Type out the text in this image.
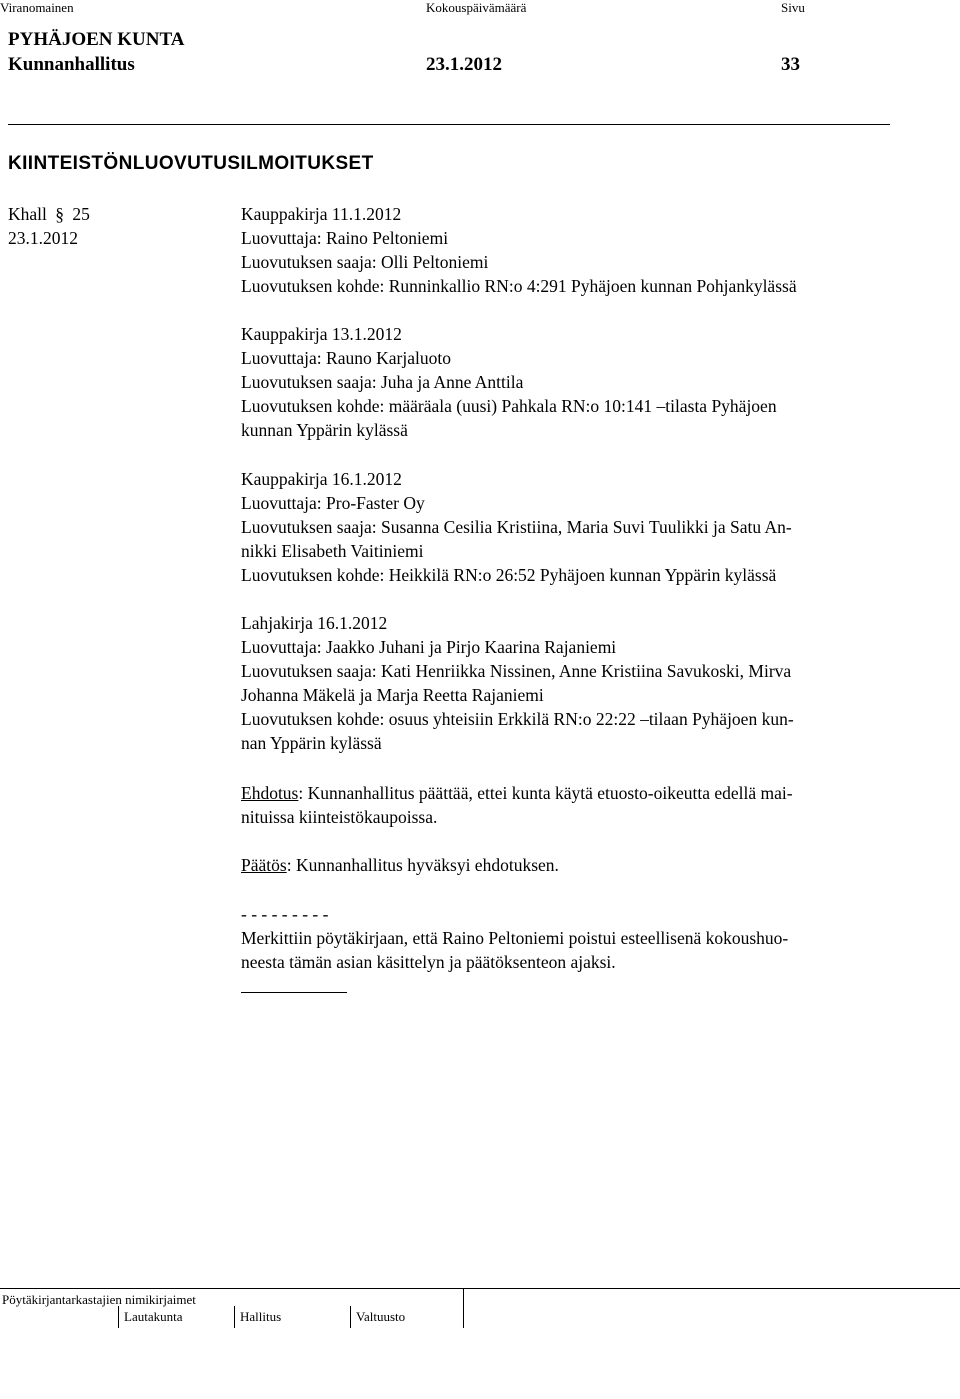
Viranomainen	Kokouspäivämäärä	Sivu
PYHÄJOEN KUNTA
Kunnanhallitus	23.1.2012	33
KIINTEISTÖNLUOVUTUSILMOITUKSET
Khall § 25
23.1.2012
Kauppakirja 11.1.2012
Luovuttaja: Raino Peltoniemi
Luovutuksen saaja: Olli Peltoniemi
Luovutuksen kohde: Runninkallio RN:o 4:291 Pyhäjoen kunnan Pohjankylässä
Kauppakirja 13.1.2012
Luovuttaja: Rauno Karjaluoto
Luovutuksen saaja: Juha ja Anne Anttila
Luovutuksen kohde: määräala (uusi) Pahkala RN:o 10:141 –tilasta Pyhäjoen
kunnan Yppärin kylässä
Kauppakirja 16.1.2012
Luovuttaja: Pro-Faster Oy
Luovutuksen saaja: Susanna Cesilia Kristiina, Maria Suvi Tuulikki ja Satu An-
nikki Elisabeth Vaitiniemi
Luovutuksen kohde: Heikkilä RN:o 26:52 Pyhäjoen kunnan Yppärin kylässä
Lahjakirja 16.1.2012
Luovuttaja: Jaakko Juhani ja Pirjo Kaarina Rajaniemi
Luovutuksen saaja: Kati Henriikka Nissinen, Anne Kristiina Savukoski, Mirva
Johanna Mäkelä ja Marja Reetta Rajaniemi
Luovutuksen kohde: osuus yhteisiin Erkkilä RN:o 22:22 –tilaan Pyhäjoen kun-
nan Yppärin kylässä
Ehdotus: Kunnanhallitus päättää, ettei kunta käytä etuosto-oikeutta edellä mai-
nituissa kiinteistökaupoissa.
Päätös: Kunnanhallitus hyväksyi ehdotuksen.
- - - - - - - - -
Merkittiin pöytäkirjaan, että Raino Peltoniemi poistui esteellisenä kokoushuo-
neesta tämän asian käsittelyn ja päätöksenteon ajaksi.
Pöytäkirjantarkastajien nimikirjaimet
Lautakunta	Hallitus	Valtuusto
